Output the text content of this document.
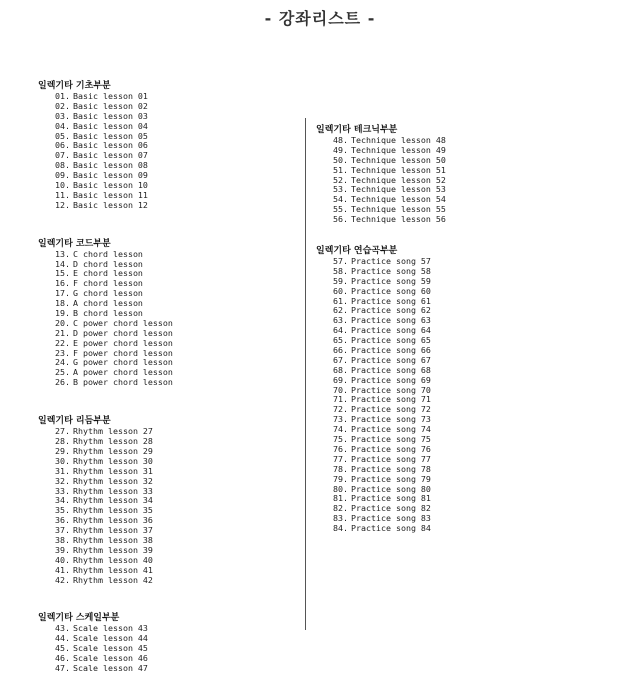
- 강좌리스트 -
일렉기타 기초부분
01. Basic lesson 01
02. Basic lesson 02
03. Basic lesson 03
04. Basic lesson 04
05. Basic lesson 05
06. Basic lesson 06
07. Basic lesson 07
08. Basic lesson 08
09. Basic lesson 09
10. Basic lesson 10
11. Basic lesson 11
12. Basic lesson 12
일렉기타 코드부분
13. C chord lesson
14. D chord lesson
15. E chord lesson
16. F chord lesson
17. G chord lesson
18. A chord lesson
19. B chord lesson
20. C power chord lesson
21. D power chord lesson
22. E power chord lesson
23. F power chord lesson
24. G power chord lesson
25. A power chord lesson
26. B power chord lesson
일렉기타 리듬부분
27. Rhythm lesson 27
28. Rhythm lesson 28
29. Rhythm lesson 29
30. Rhythm lesson 30
31. Rhythm lesson 31
32. Rhythm lesson 32
33. Rhythm lesson 33
34. Rhythm lesson 34
35. Rhythm lesson 35
36. Rhythm lesson 36
37. Rhythm lesson 37
38. Rhythm lesson 38
39. Rhythm lesson 39
40. Rhythm lesson 40
41. Rhythm lesson 41
42. Rhythm lesson 42
일렉기타 스케일부분
43. Scale lesson 43
44. Scale lesson 44
45. Scale lesson 45
46. Scale lesson 46
47. Scale lesson 47
일렉기타 테크닉부분
48. Technique lesson 48
49. Technique lesson 49
50. Technique lesson 50
51. Technique lesson 51
52. Technique lesson 52
53. Technique lesson 53
54. Technique lesson 54
55. Technique lesson 55
56. Technique lesson 56
일렉기타 연습곡부분
57. Practice song 57
58. Practice song 58
59. Practice song 59
60. Practice song 60
61. Practice song 61
62. Practice song 62
63. Practice song 63
64. Practice song 64
65. Practice song 65
66. Practice song 66
67. Practice song 67
68. Practice song 68
69. Practice song 69
70. Practice song 70
71. Practice song 71
72. Practice song 72
73. Practice song 73
74. Practice song 74
75. Practice song 75
76. Practice song 76
77. Practice song 77
78. Practice song 78
79. Practice song 79
80. Practice song 80
81. Practice song 81
82. Practice song 82
83. Practice song 83
84. Practice song 84
